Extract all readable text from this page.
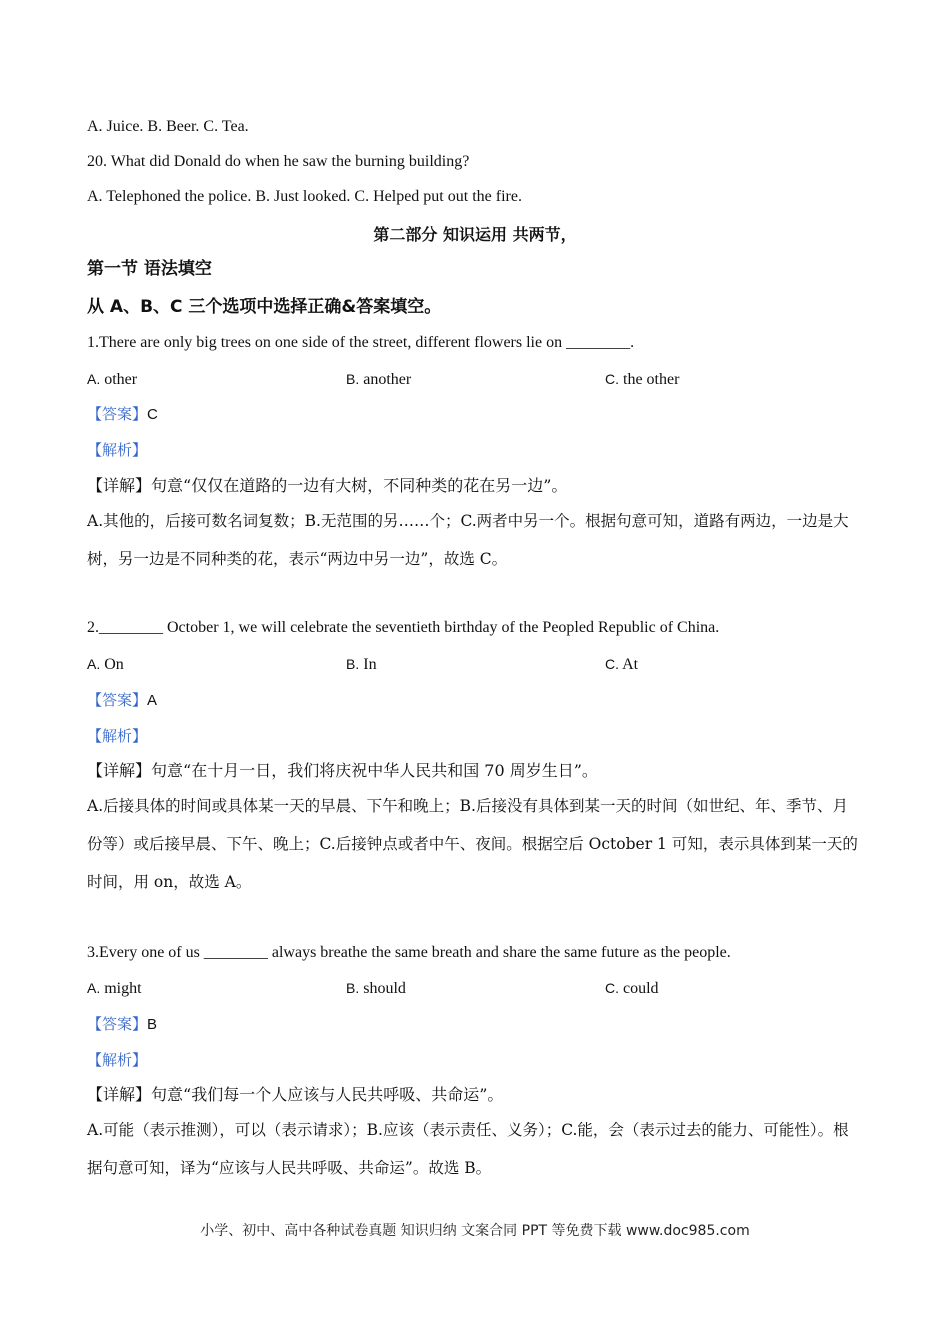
A. Juice. B. Beer. C. Tea.
20. What did Donald do when he saw the burning building?
A. Telephoned the police. B. Just looked. C. Helped put out the fire.
第二部分 知识运用 共两节，
第一节 语法填空
从 A、B、C 三个选项中选择正确&答案填空。
1.There are only big trees on one side of the street, different flowers lie on ________.
A. other	B. another	C. the other
【答案】C
【解析】
【详解】句意“仅仅在道路的一边有大树，不同种类的花在另一边”。
A.其他的，后接可数名词复数；B.无范围的另……个；C.两者中另一个。根据句意可知，道路有两边，一边是大树，另一边是不同种类的花，表示“两边中另一边”，故选 C。
2.________ October 1, we will celebrate the seventieth birthday of the Peopled Republic of China.
A. On	B. In	C. At
【答案】A
【解析】
【详解】句意“在十月一日，我们将庆祝中华人民共和国 70 周岁生日”。
A.后接具体的时间或具体某一天的早晨、下午和晚上；B.后接没有具体到某一天的时间（如世纪、年、季节、月份等）或后接早晨、下午、晚上；C.后接钟点或者中午、夜间。根据空后 October 1 可知，表示具体到某一天的时间，用 on，故选 A。
3.Every one of us ________ always breathe the same breath and share the same future as the people.
A. might	B. should	C. could
【答案】B
【解析】
【详解】句意“我们每一个人应该与人民共呼吸、共命运”。
A.可能（表示推测），可以（表示请求）；B.应该（表示责任、义务）；C.能，会（表示过去的能力、可能性）。根据句意可知，译为“应该与人民共呼吸、共命运”。故选 B。
小学、初中、高中各种试卷真题 知识归纳 文案合同 PPT 等免费下载 www.doc985.com
